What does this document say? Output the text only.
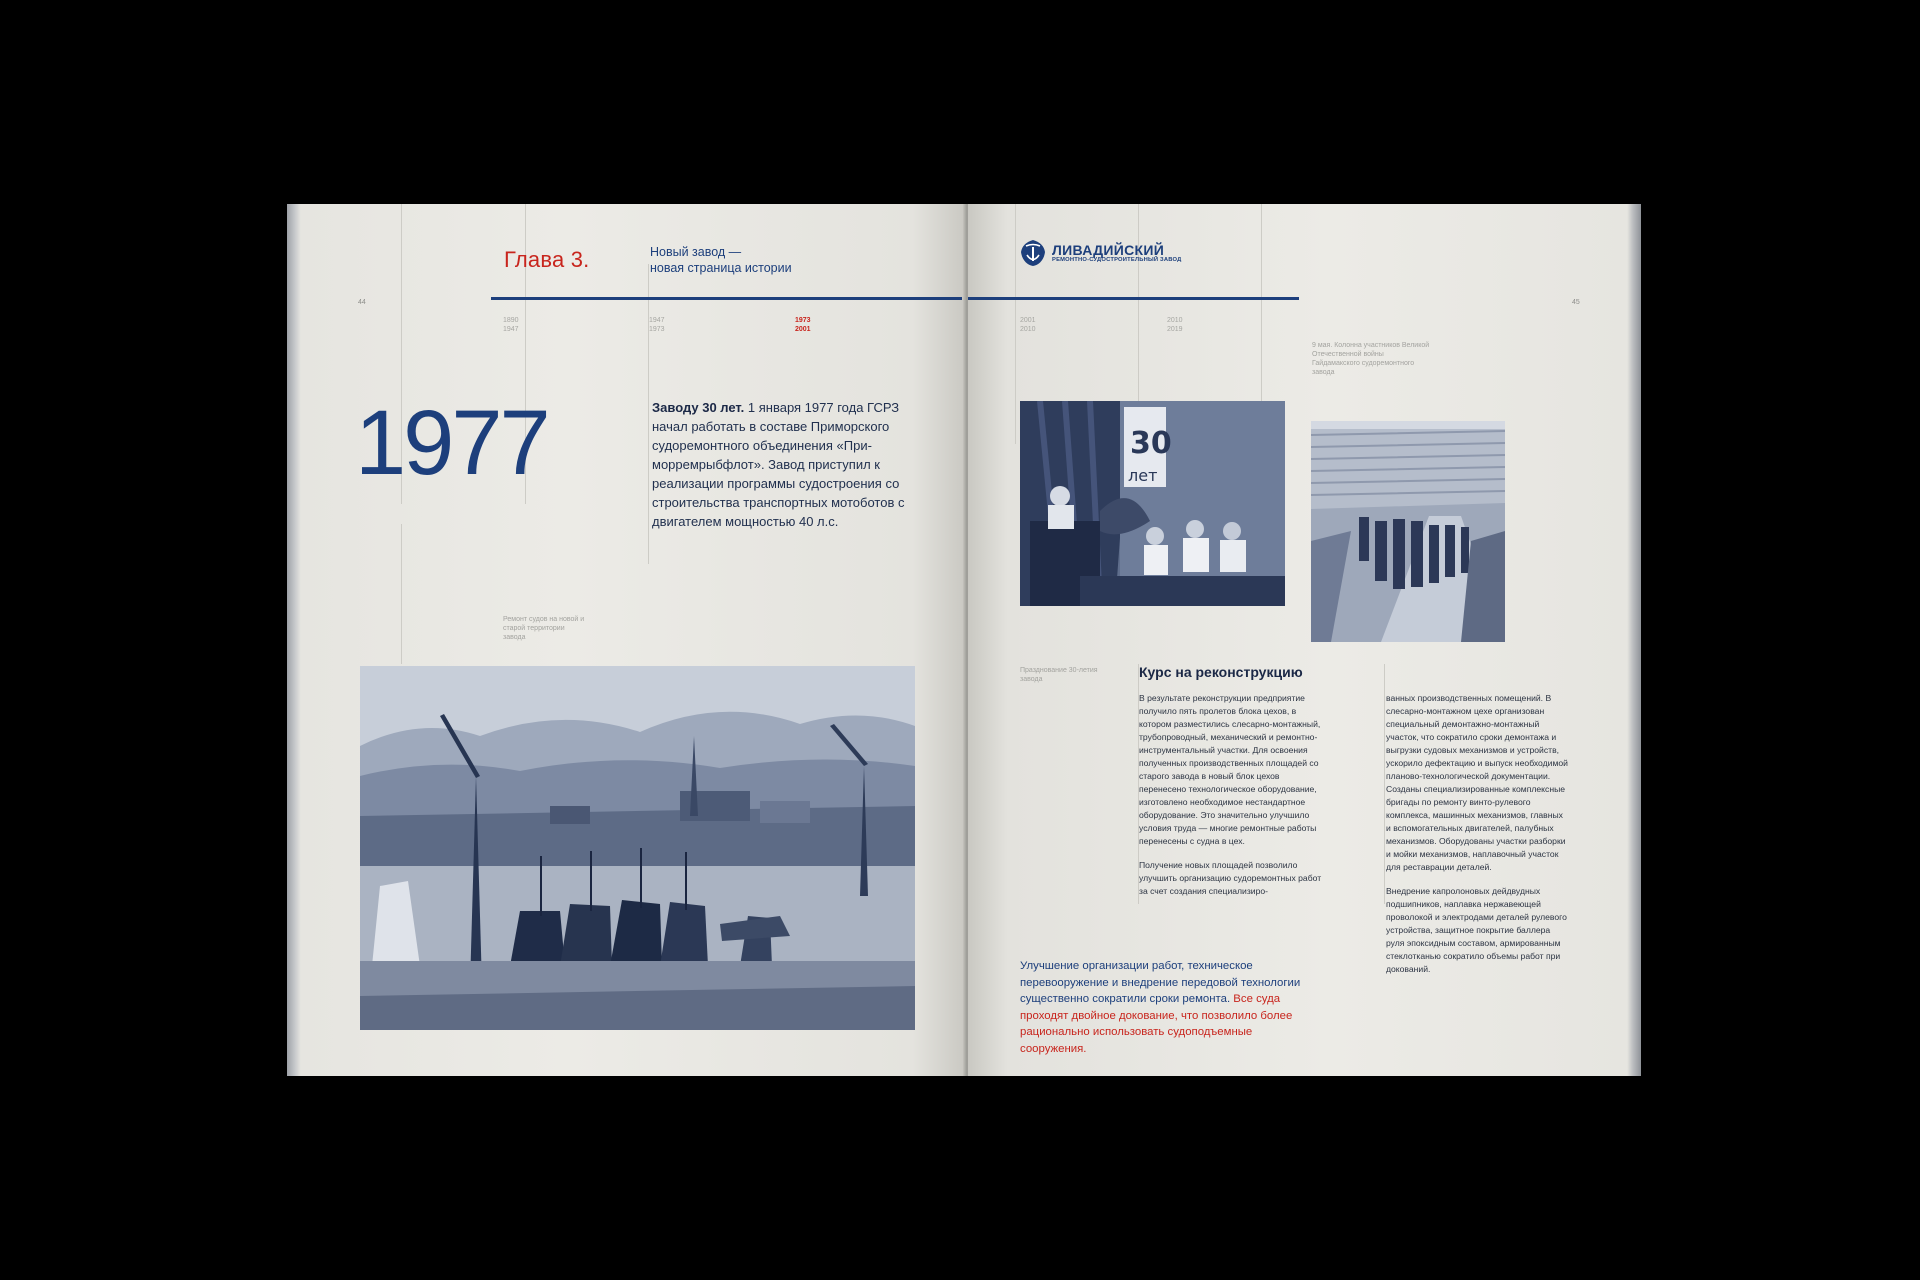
44
Глава 3.	Новый завод —
новая страница истории
1890
1947
1947
1973
1973
2001
1977	Заводу 30 лет. 1 января 1977 года ГСРЗ начал работать в составе Приморского судоремонтного объединения «Приморремрыбфлот». Завод приступил к реализации программы судостроения со строительства транспортных мотоботов с двигателем мощностью 40 л.с.
Ремонт судов на новой и старой территории завода
ЛИВАДИЙСКИЙ
РЕМОНТНО-СУДОСТРОИТЕЛЬНЫЙ ЗАВОД
45
2001
2010
2010
2019
9 мая. Колонна участников Великой Отечественной войны Гайдамакского судоремонтного завода
30
лет
Празднование 30-летия завода	Курс на реконструкцию

В результате реконструкции предприятие получило пять пролетов блока цехов, в котором разместились слесарно-монтажный, трубопроводный, механический и ремонтно-инструментальный участки. Для освоения полученных производственных площадей со старого завода в новый блок цехов перенесено технологическое оборудование, изготовлено необходимое нестандартное оборудование. Это значительно улучшило условия труда — многие ремонтные работы перенесены с судна в цех.

Получение новых площадей позволило улучшить организацию судоремонтных работ за счет создания специализиро-

ванных производственных помещений. В слесарно-монтажном цехе организован специальный демонтажно-монтажный участок, что сократило сроки демонтажа и выгрузки судовых механизмов и устройств, ускорило дефектацию и выпуск необходимой планово-технологической документации. Созданы специализированные комплексные бригады по ремонту винто-рулевого комплекса, машинных механизмов, главных и вспомогательных двигателей, палубных механизмов. Оборудованы участки разборки и мойки механизмов, наплавочный участок для реставрации деталей.

Внедрение капролоновых дейдвудных подшипников, наплавка нержавеющей проволокой и электродами деталей рулевого устройства, защитное покрытие баллера руля эпоксидным составом, армированным стеклотканью сократило объемы работ при докований.

Улучшение организации работ, техническое перевооружение и внедрение передовой технологии существенно сократили сроки ремонта. Все суда проходят двойное докование, что позволило более рационально использовать судоподъемные сооружения.
